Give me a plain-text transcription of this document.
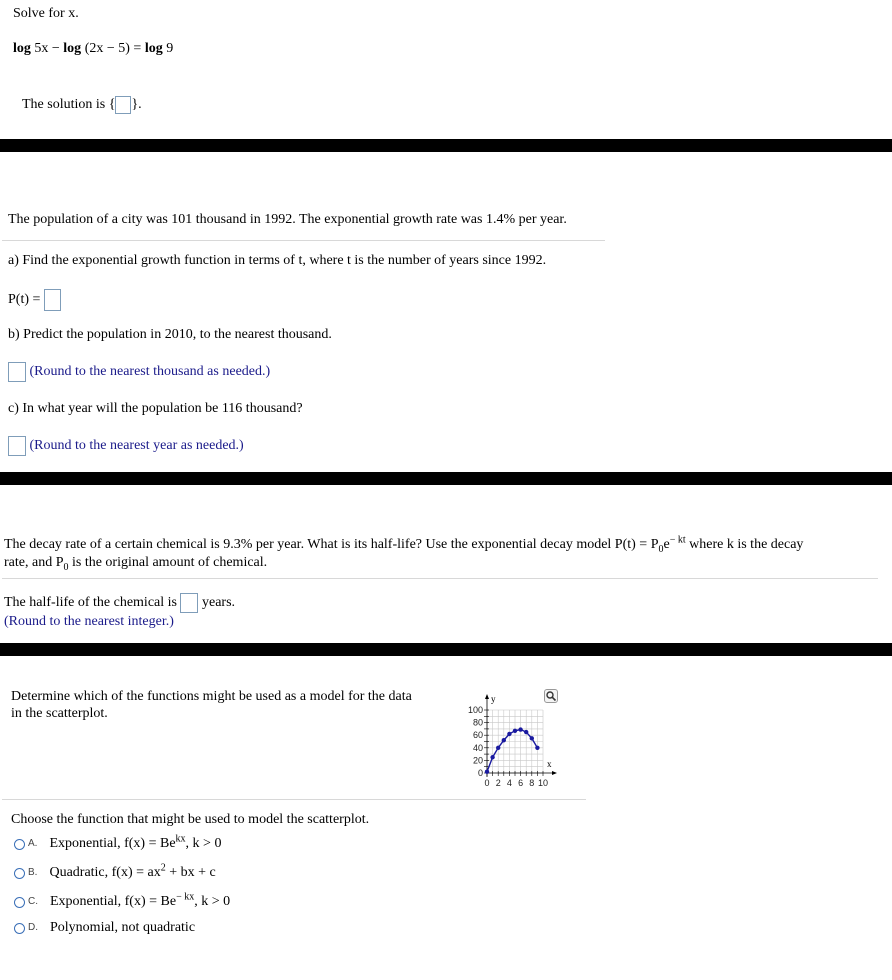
Solve for x.
log 5x − log (2x − 5) = log 9
The solution is { }.
The population of a city was 101 thousand in 1992. The exponential growth rate was 1.4% per year.
a) Find the exponential growth function in terms of t, where t is the number of years since 1992.
P(t) =
b) Predict the population in 2010, to the nearest thousand.
(Round to the nearest thousand as needed.)
c) In what year will the population be 116 thousand?
(Round to the nearest year as needed.)
The decay rate of a certain chemical is 9.3% per year. What is its half-life? Use the exponential decay model $P(t) = P_0e^{- kt}$ where k is the decay
rate, and $P_0$ is the original amount of chemical.
The half-life of the chemical is years.
(Round to the nearest integer.)
Determine which of the functions might be used as a model for the data
in the scatterplot.
0
20
40
60
80
100
0 2 4 6 8 10
x
y
Choose the function that might be used to model the scatterplot.
A. Exponential, $f(x) = Be^{kx}$, k > 0
B. Quadratic, $f(x) = ax^2$ + bx + c
C. Exponential, $f(x) = Be^{- kx}$, k > 0
D. Polynomial, not quadratic
